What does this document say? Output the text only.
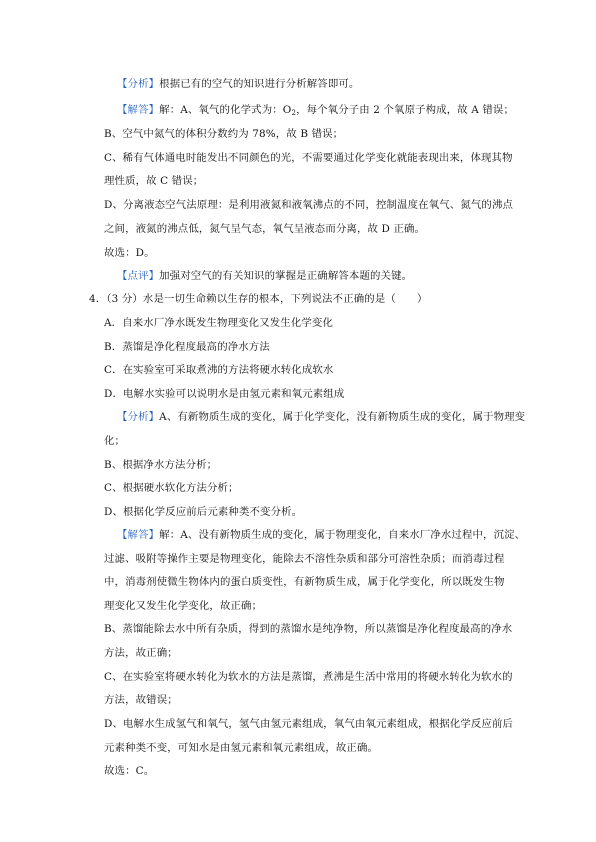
【分析】根据已有的空气的知识进行分析解答即可。
【解答】解：A、氧气的化学式为：$O_2$，每个氧分子由 2 个氧原子构成，故 A 错误；
B、空气中氮气的体积分数约为 78%，故 B 错误；
C、稀有气体通电时能发出不同颜色的光，不需要通过化学变化就能表现出来，体现其物
理性质，故 C 错误；
D、分离液态空气法原理：是利用液氮和液氧沸点的不同，控制温度在氧气、氮气的沸点
之间，液氮的沸点低，氮气呈气态，氧气呈液态而分离，故 D 正确。
故选：D。
【点评】加强对空气的有关知识的掌握是正确解答本题的关键。
4．（3 分）水是一切生命赖以生存的根本，下列说法不正确的是（　　）
A．自来水厂净水既发生物理变化又发生化学变化
B．蒸馏是净化程度最高的净水方法
C．在实验室可采取煮沸的方法将硬水转化成软水
D．电解水实验可以说明水是由氢元素和氧元素组成
【分析】A、有新物质生成的变化，属于化学变化，没有新物质生成的变化，属于物理变
化；
B、根据净水方法分析；
C、根据硬水软化方法分析；
D、根据化学反应前后元素种类不变分析。
【解答】解：A、没有新物质生成的变化，属于物理变化，自来水厂净水过程中，沉淀、
过滤、吸附等操作主要是物理变化，能除去不溶性杂质和部分可溶性杂质；而消毒过程
中，消毒剂使微生物体内的蛋白质变性，有新物质生成，属于化学变化，所以既发生物
理变化又发生化学变化，故正确；
B、蒸馏能除去水中所有杂质，得到的蒸馏水是纯净物，所以蒸馏是净化程度最高的净水
方法，故正确；
C、在实验室将硬水转化为软水的方法是蒸馏，煮沸是生活中常用的将硬水转化为软水的
方法，故错误；
D、电解水生成氢气和氧气，氢气由氢元素组成，氧气由氧元素组成，根据化学反应前后
元素种类不变，可知水是由氢元素和氧元素组成，故正确。
故选：C。
